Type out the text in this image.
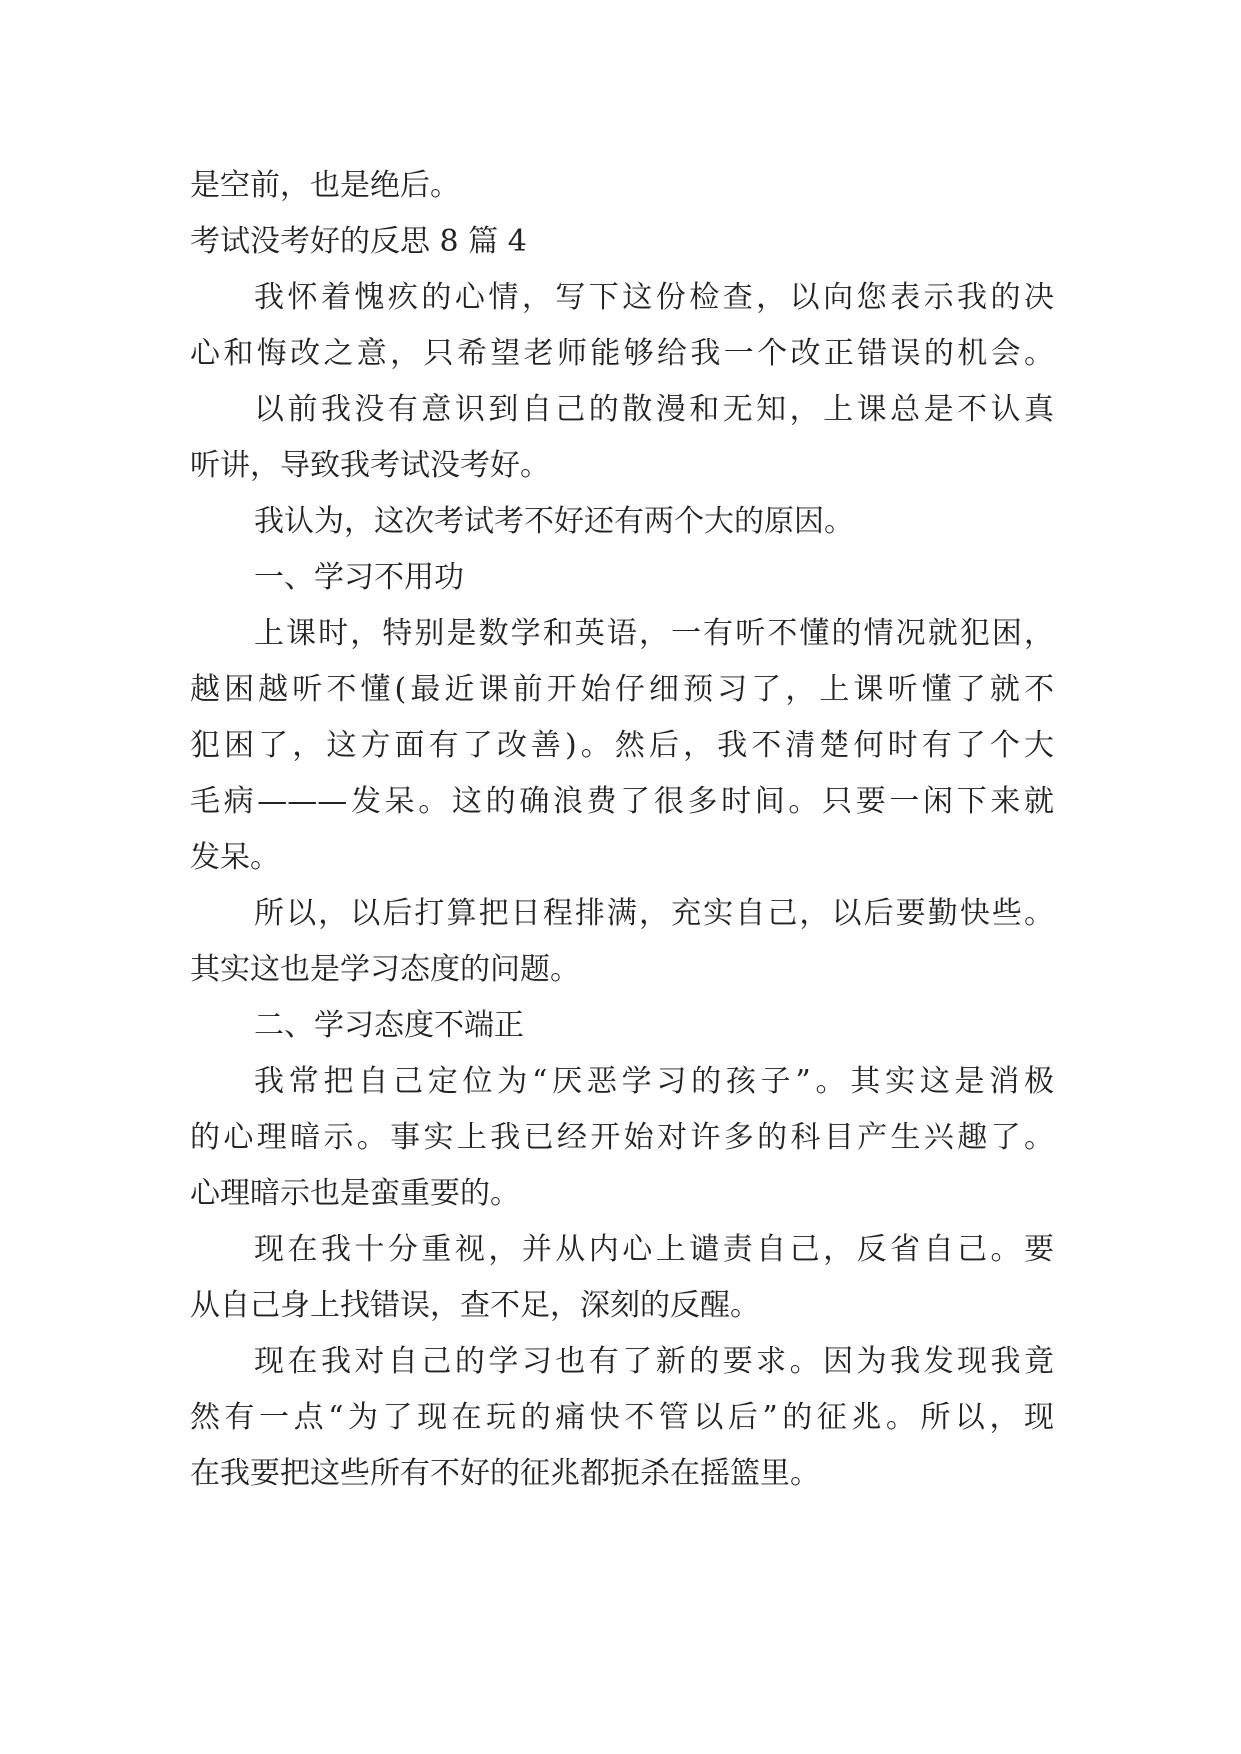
是空前，也是绝后。
考试没考好的反思 8 篇 4
我怀着愧疚的心情，写下这份检查，以向您表示我的决
心和悔改之意，只希望老师能够给我一个改正错误的机会。
以前我没有意识到自己的散漫和无知，上课总是不认真
听讲，导致我考试没考好。
我认为，这次考试考不好还有两个大的原因。
一、学习不用功
上课时，特别是数学和英语，一有听不懂的情况就犯困，
越困越听不懂(最近课前开始仔细预习了，上课听懂了就不
犯困了，这方面有了改善)。然后，我不清楚何时有了个大
毛病———发呆。这的确浪费了很多时间。只要一闲下来就
发呆。
所以，以后打算把日程排满，充实自己，以后要勤快些。
其实这也是学习态度的问题。
二、学习态度不端正
我常把自己定位为“厌恶学习的孩子”。其实这是消极
的心理暗示。事实上我已经开始对许多的科目产生兴趣了。
心理暗示也是蛮重要的。
现在我十分重视，并从内心上谴责自己，反省自己。要
从自己身上找错误，查不足，深刻的反醒。
现在我对自己的学习也有了新的要求。因为我发现我竟
然有一点“为了现在玩的痛快不管以后”的征兆。所以，现
在我要把这些所有不好的征兆都扼杀在摇篮里。
